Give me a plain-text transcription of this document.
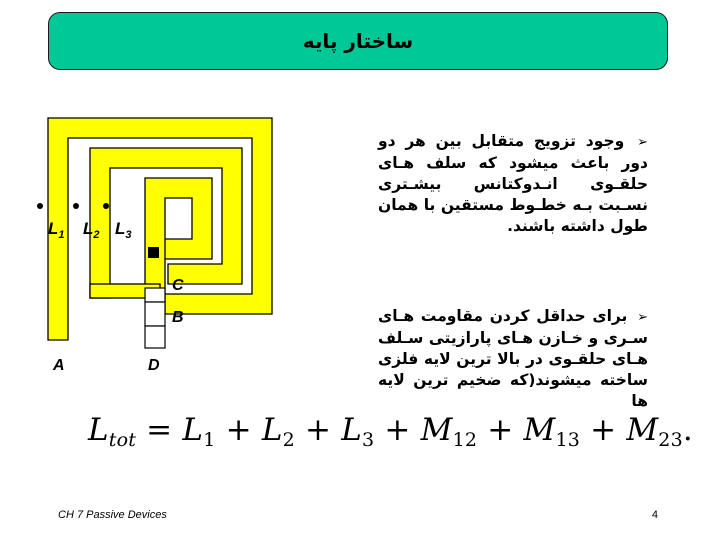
ساختار پایه
$L_1$ $L_2$ $L_3$
C
B
A	D
➢ وجود تزویج متقابل بین هر دو دور باعث میشود که سلف هـای حلقـوی انـدوکتانس بیشـتری نسـبت بـه خطـوط مستقین با همان طول داشته باشند.
➢ برای حداقل کردن مقاومت هـای سـری و خـازن هـای پارازیتی سـلف هـای حلقـوی در بالا ترین لایه فلزی ساخته میشوند(که ضخیم ترین لایه ها
$L_{tot} = L_1 + L_2 + L_3 + M_{12} + M_{13} + M_{23}$.
CH 7 Passive Devices	4
